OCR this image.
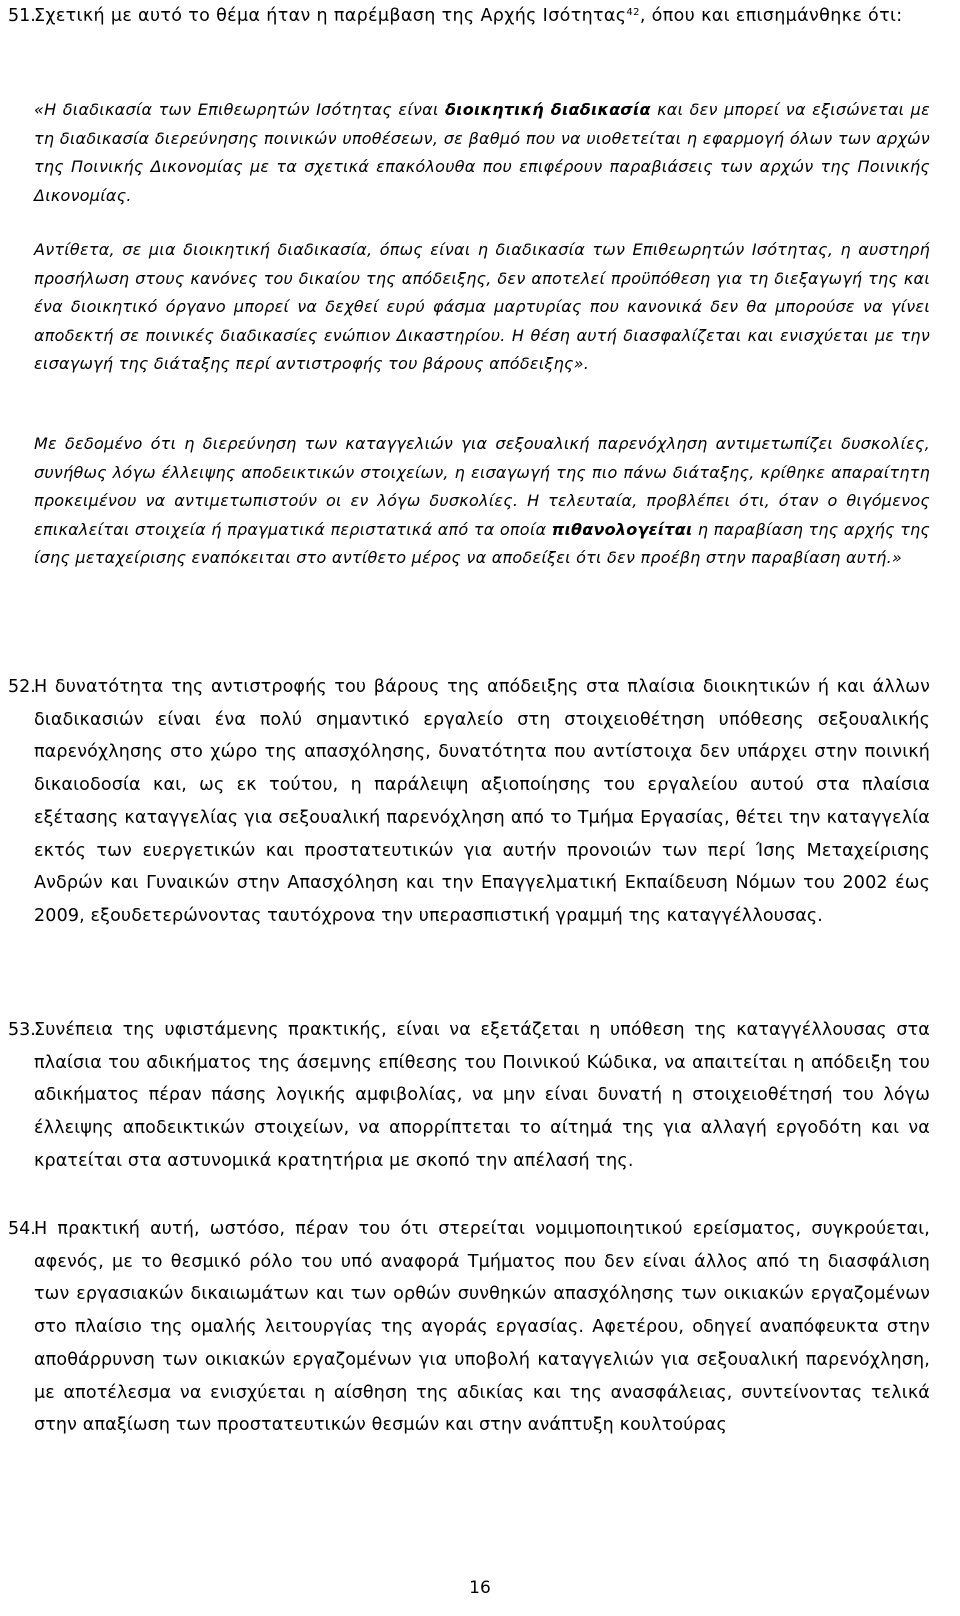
51.

Σχετική με αυτό το θέμα ήταν η παρέμβαση της Αρχής Ισότητας$^{42}$, όπου και επισημάνθηκε ότι:

«Η διαδικασία των Επιθεωρητών Ισότητας είναι διοικητική διαδικασία και δεν μπορεί να εξισώνεται με τη διαδικασία διερεύνησης ποινικών υποθέσεων, σε βαθμό που να υιοθετείται η εφαρμογή όλων των αρχών της Ποινικής Δικονομίας με τα σχετικά επακόλουθα που επιφέρουν παραβιάσεις των αρχών της Ποινικής Δικονομίας.

Αντίθετα, σε μια διοικητική διαδικασία, όπως είναι η διαδικασία των Επιθεωρητών Ισότητας, η αυστηρή προσήλωση στους κανόνες του δικαίου της απόδειξης, δεν αποτελεί προϋπόθεση για τη διεξαγωγή της και ένα διοικητικό όργανο μπορεί να δεχθεί ευρύ φάσμα μαρτυρίας που κανονικά δεν θα μπορούσε να γίνει αποδεκτή σε ποινικές διαδικασίες ενώπιον Δικαστηρίου. Η θέση αυτή διασφαλίζεται και ενισχύεται με την εισαγωγή της διάταξης περί αντιστροφής του βάρους απόδειξης».

Με δεδομένο ότι η διερεύνηση των καταγγελιών για σεξουαλική παρενόχληση αντιμετωπίζει δυσκολίες, συνήθως λόγω έλλειψης αποδεικτικών στοιχείων, η εισαγωγή της πιο πάνω διάταξης, κρίθηκε απαραίτητη προκειμένου να αντιμετωπιστούν οι εν λόγω δυσκολίες. Η τελευταία, προβλέπει ότι, όταν ο θιγόμενος επικαλείται στοιχεία ή πραγματικά περιστατικά από τα οποία πιθανολογείται η παραβίαση της αρχής της ίσης μεταχείρισης εναπόκειται στο αντίθετο μέρος να αποδείξει ότι δεν προέβη στην παραβίαση αυτή.»

52.

Η δυνατότητα της αντιστροφής του βάρους της απόδειξης στα πλαίσια διοικητικών ή και άλλων διαδικασιών είναι ένα πολύ σημαντικό εργαλείο στη στοιχειοθέτηση υπόθεσης σεξουαλικής παρενόχλησης στο χώρο της απασχόλησης, δυνατότητα που αντίστοιχα δεν υπάρχει στην ποινική δικαιοδοσία και, ως εκ τούτου, η παράλειψη αξιοποίησης του εργαλείου αυτού στα πλαίσια εξέτασης καταγγελίας για σεξουαλική παρενόχληση από το Τμήμα Εργασίας, θέτει την καταγγελία εκτός των ευεργετικών και προστατευτικών για αυτήν προνοιών των περί Ίσης Μεταχείρισης Ανδρών και Γυναικών στην Απασχόληση και την Επαγγελματική Εκπαίδευση Νόμων του 2002 έως 2009, εξουδετερώνοντας ταυτόχρονα την υπερασπιστική γραμμή της καταγγέλλουσας.

53.

Συνέπεια της υφιστάμενης πρακτικής, είναι να εξετάζεται η υπόθεση της καταγγέλλουσας στα πλαίσια του αδικήματος της άσεμνης επίθεσης του Ποινικού Κώδικα, να απαιτείται η απόδειξη του αδικήματος πέραν πάσης λογικής αμφιβολίας, να μην είναι δυνατή η στοιχειοθέτησή του λόγω έλλειψης αποδεικτικών στοιχείων, να απορρίπτεται το αίτημά της για αλλαγή εργοδότη και να κρατείται στα αστυνομικά κρατητήρια με σκοπό την απέλασή της.

54.

Η πρακτική αυτή, ωστόσο, πέραν του ότι στερείται νομιμοποιητικού ερείσματος, συγκρούεται, αφενός, με το θεσμικό ρόλο του υπό αναφορά Τμήματος που δεν είναι άλλος από τη διασφάλιση των εργασιακών δικαιωμάτων και των ορθών συνθηκών απασχόλησης των οικιακών εργαζομένων στο πλαίσιο της ομαλής λειτουργίας της αγοράς εργασίας. Αφετέρου, οδηγεί αναπόφευκτα στην αποθάρρυνση των οικιακών εργαζομένων για υποβολή καταγγελιών για σεξουαλική παρενόχληση, με αποτέλεσμα να ενισχύεται η αίσθηση της αδικίας και της ανασφάλειας, συντείνοντας τελικά στην απαξίωση των προστατευτικών θεσμών και στην ανάπτυξη κουλτούρας

16
